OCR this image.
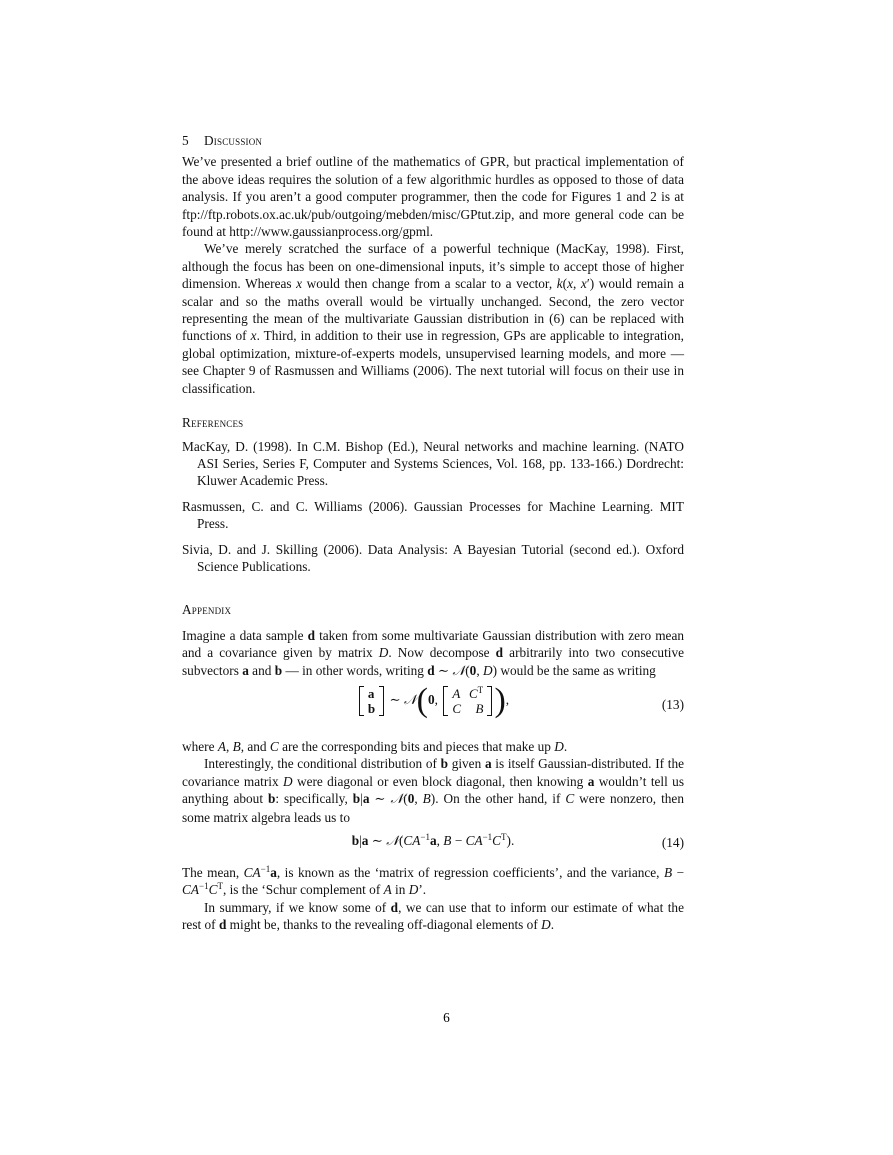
5 Discussion

We’ve presented a brief outline of the mathematics of GPR, but practical implementation of the above ideas requires the solution of a few algorithmic hurdles as opposed to those of data analysis. If you aren’t a good computer programmer, then the code for Figures 1 and 2 is at ftp://ftp.robots.ox.ac.uk/pub/outgoing/mebden/misc/GPtut.zip, and more general code can be found at http://www.gaussianprocess.org/gpml.

We’ve merely scratched the surface of a powerful technique (MacKay, 1998). First, although the focus has been on one-dimensional inputs, it’s simple to accept those of higher dimension. Whereas x would then change from a scalar to a vector, k(x, x′) would remain a scalar and so the maths overall would be virtually unchanged. Second, the zero vector representing the mean of the multivariate Gaussian distribution in (6) can be replaced with functions of x. Third, in addition to their use in regression, GPs are applicable to integration, global optimization, mixture-of-experts models, unsupervised learning models, and more — see Chapter 9 of Rasmussen and Williams (2006). The next tutorial will focus on their use in classification.

References
MacKay, D. (1998). In C.M. Bishop (Ed.), Neural networks and machine learning. (NATO ASI Series, Series F, Computer and Systems Sciences, Vol. 168, pp. 133-166.) Dordrecht: Kluwer Academic Press.
Rasmussen, C. and C. Williams (2006). Gaussian Processes for Machine Learning. MIT Press.
Sivia, D. and J. Skilling (2006). Data Analysis: A Bayesian Tutorial (second ed.). Oxford Science Publications.
Appendix

Imagine a data sample d taken from some multivariate Gaussian distribution with zero mean and a covariance given by matrix D. Now decompose d arbitrarily into two consecutive subvectors a and b — in other words, writing d ∼ 𝒩(0, D) would be the same as writing

a
b
∼ 𝒩(0, A	$C^T$
C	B ),	(13)

where A, B, and C are the corresponding bits and pieces that make up D.

Interestingly, the conditional distribution of b given a is itself Gaussian-distributed. If the covariance matrix D were diagonal or even block diagonal, then knowing a wouldn’t tell us anything about b: specifically, b|a ∼ 𝒩(0, B). On the other hand, if C were nonzero, then some matrix algebra leads us to

b|a ∼ $𝒩(CA^{-1}a$, $B - CA^{-1}C^T$).	(14)

The mean, $CA^{-1}a$, is known as the ‘matrix of regression coefficients’, and the variance, $B - CA^{-1}C^T$, is the ‘Schur complement of A in D’.

In summary, if we know some of d, we can use that to inform our estimate of what the rest of d might be, thanks to the revealing off-diagonal elements of D.

6
